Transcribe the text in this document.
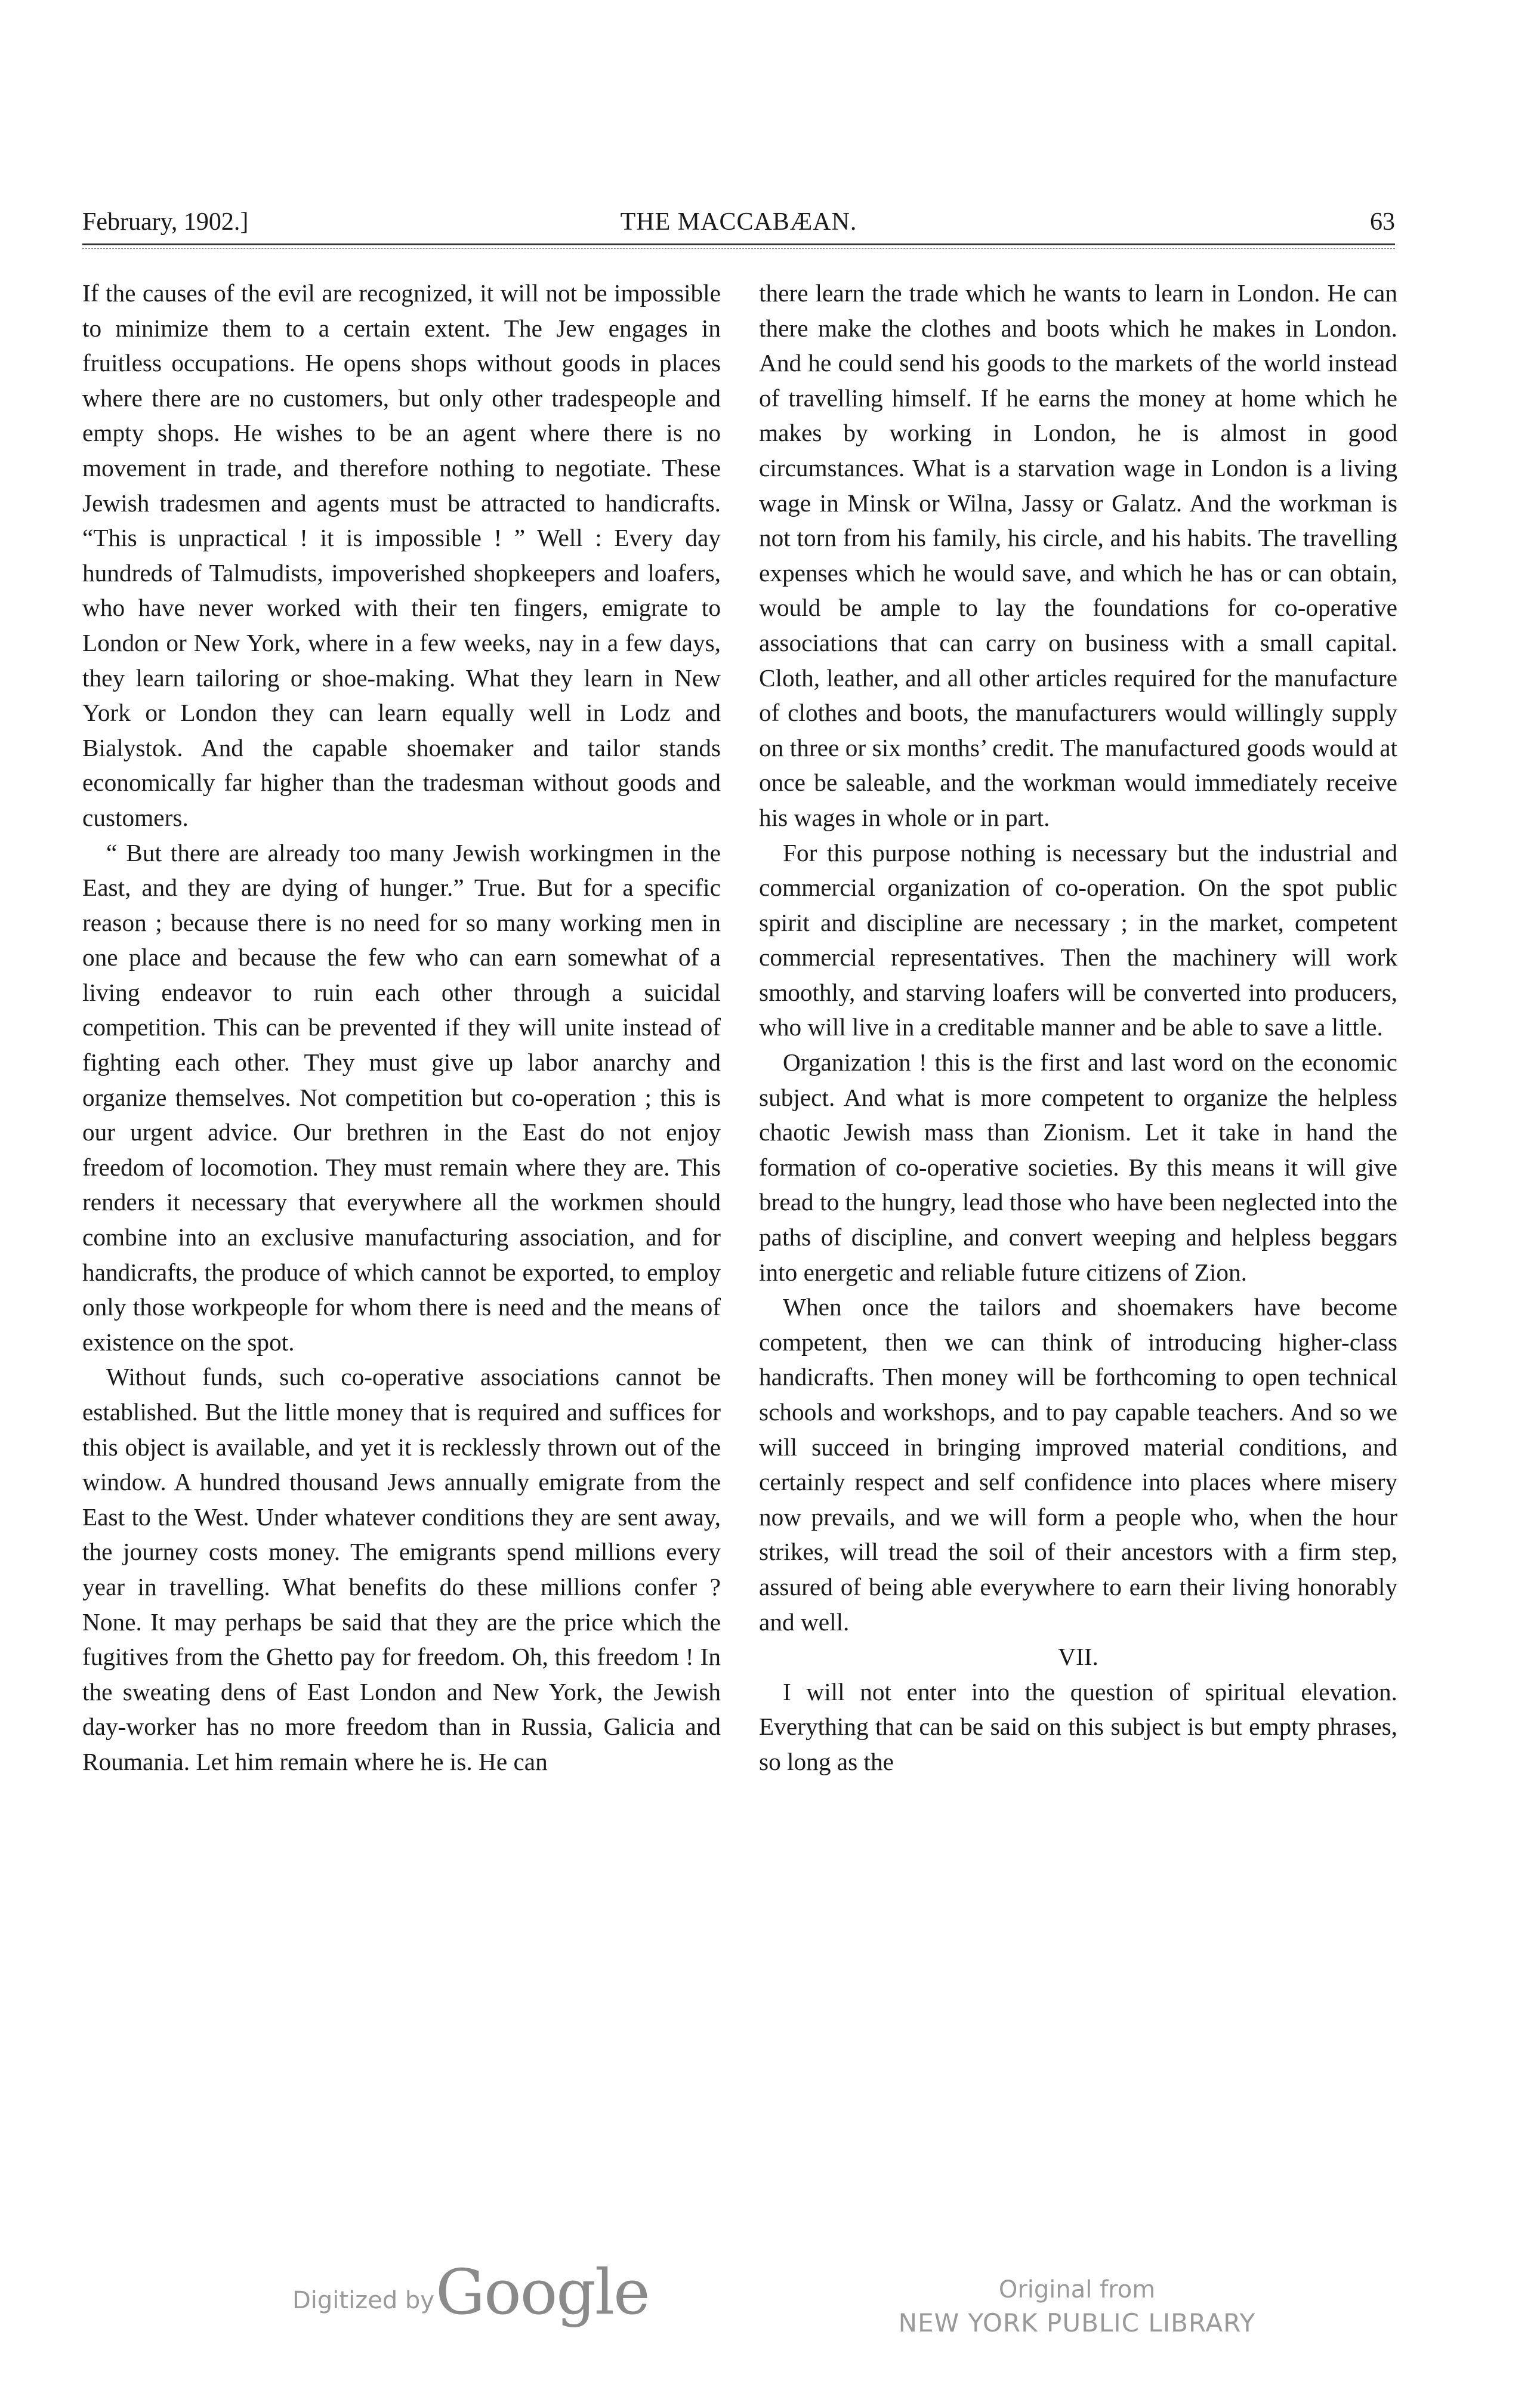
February, 1902.]	THE MACCABÆAN.	63

If the causes of the evil are recognized, it will not be impossible to minimize them to a certain extent. The Jew engages in fruitless occupations. He opens shops without goods in places where there are no customers, but only other tradespeople and empty shops. He wishes to be an agent where there is no movement in trade, and therefore nothing to negotiate. These Jewish tradesmen and agents must be attracted to handicrafts. “This is unpractical ! it is impossible ! ” Well : Every day hundreds of Talmudists, impoverished shopkeepers and loafers, who have never worked with their ten fingers, emigrate to London or New York, where in a few weeks, nay in a few days, they learn tailoring or shoe-making. What they learn in New York or London they can learn equally well in Lodz and Bialystok. And the capable shoemaker and tailor stands economically far higher than the tradesman without goods and customers.

“ But there are already too many Jewish workingmen in the East, and they are dying of hunger.” True. But for a specific reason ; because there is no need for so many working men in one place and because the few who can earn somewhat of a living endeavor to ruin each other through a suicidal competition. This can be prevented if they will unite instead of fighting each other. They must give up labor anarchy and organize themselves. Not competition but co-operation ; this is our urgent advice. Our brethren in the East do not enjoy freedom of locomotion. They must remain where they are. This renders it necessary that everywhere all the workmen should combine into an exclusive manufacturing association, and for handicrafts, the produce of which cannot be exported, to employ only those workpeople for whom there is need and the means of existence on the spot.

Without funds, such co-operative associations cannot be established. But the little money that is required and suffices for this object is available, and yet it is recklessly thrown out of the window. A hundred thousand Jews annually emigrate from the East to the West. Under whatever conditions they are sent away, the journey costs money. The emigrants spend millions every year in travelling. What benefits do these millions confer ? None. It may perhaps be said that they are the price which the fugitives from the Ghetto pay for freedom. Oh, this freedom ! In the sweating dens of East London and New York, the Jewish day-worker has no more freedom than in Russia, Galicia and Roumania. Let him remain where he is. He can

there learn the trade which he wants to learn in London. He can there make the clothes and boots which he makes in London. And he could send his goods to the markets of the world instead of travelling himself. If he earns the money at home which he makes by working in London, he is almost in good circumstances. What is a starvation wage in London is a living wage in Minsk or Wilna, Jassy or Galatz. And the workman is not torn from his family, his circle, and his habits. The travelling expenses which he would save, and which he has or can obtain, would be ample to lay the foundations for co-operative associations that can carry on business with a small capital. Cloth, leather, and all other articles required for the manufacture of clothes and boots, the manufacturers would willingly supply on three or six months’ credit. The manufactured goods would at once be saleable, and the workman would immediately receive his wages in whole or in part.

For this purpose nothing is necessary but the industrial and commercial organization of co-operation. On the spot public spirit and discipline are necessary ; in the market, competent commercial representatives. Then the machinery will work smoothly, and starving loafers will be converted into producers, who will live in a creditable manner and be able to save a little.

Organization ! this is the first and last word on the economic subject. And what is more competent to organize the helpless chaotic Jewish mass than Zionism. Let it take in hand the formation of co-operative societies. By this means it will give bread to the hungry, lead those who have been neglected into the paths of discipline, and convert weeping and helpless beggars into energetic and reliable future citizens of Zion.

When once the tailors and shoemakers have become competent, then we can think of introducing higher-class handicrafts. Then money will be forthcoming to open technical schools and workshops, and to pay capable teachers. And so we will succeed in bringing improved material conditions, and certainly respect and self confidence into places where misery now prevails, and we will form a people who, when the hour strikes, will tread the soil of their ancestors with a firm step, assured of being able everywhere to earn their living honorably and well.

VII.

I will not enter into the question of spiritual elevation. Everything that can be said on this subject is but empty phrases, so long as the

Digitized by Google	Original from
NEW YORK PUBLIC LIBRARY
